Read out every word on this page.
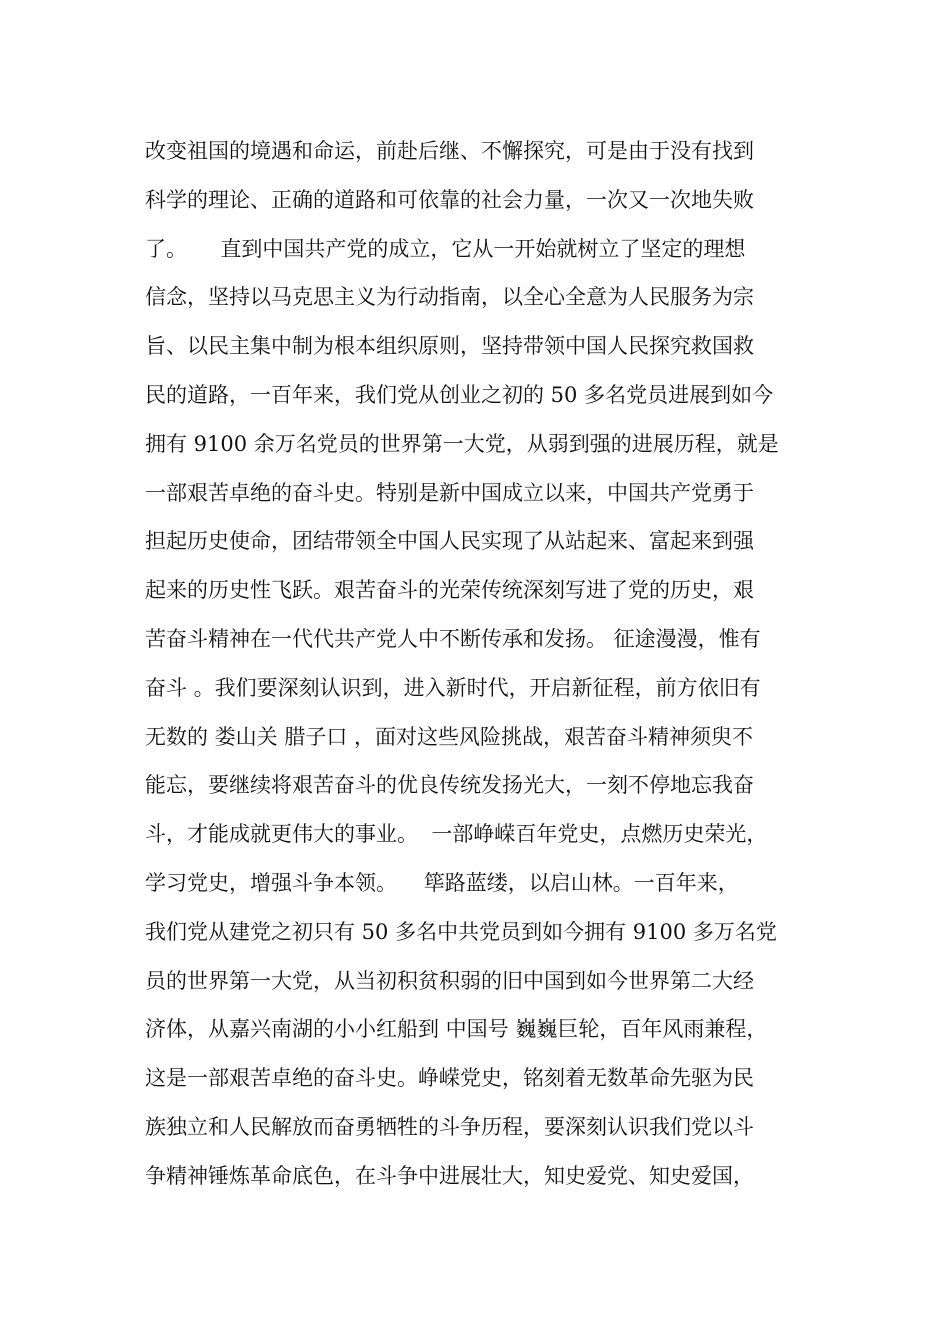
改变祖国的境遇和命运，前赴后继、不懈探究，可是由于没有找到
科学的理论、正确的道路和可依靠的社会力量，一次又一次地失败
了。     直到中国共产党的成立，它从一开始就树立了坚定的理想
信念，坚持以马克思主义为行动指南，以全心全意为人民服务为宗
旨、以民主集中制为根本组织原则，坚持带领中国人民探究救国救
民的道路，一百年来，我们党从创业之初的 50 多名党员进展到如今
拥有 9100 余万名党员的世界第一大党，从弱到强的进展历程，就是
一部艰苦卓绝的奋斗史。特别是新中国成立以来，中国共产党勇于
担起历史使命，团结带领全中国人民实现了从站起来、富起来到强
起来的历史性飞跃。艰苦奋斗的光荣传统深刻写进了党的历史，艰
苦奋斗精神在一代代共产党人中不断传承和发扬。 征途漫漫，惟有
奋斗 。我们要深刻认识到，进入新时代，开启新征程，前方依旧有
无数的 娄山关 腊子口 ，面对这些风险挑战，艰苦奋斗精神须臾不
能忘，要继续将艰苦奋斗的优良传统发扬光大，一刻不停地忘我奋
斗，才能成就更伟大的事业。  一部峥嵘百年党史，点燃历史荣光，
学习党史，增强斗争本领。    筚路蓝缕，以启山林。一百年来，
我们党从建党之初只有 50 多名中共党员到如今拥有 9100 多万名党
员的世界第一大党，从当初积贫积弱的旧中国到如今世界第二大经
济体，从嘉兴南湖的小小红船到 中国号 巍巍巨轮，百年风雨兼程，
这是一部艰苦卓绝的奋斗史。峥嵘党史，铭刻着无数革命先驱为民
族独立和人民解放而奋勇牺牲的斗争历程，要深刻认识我们党以斗
争精神锤炼革命底色，在斗争中进展壮大，知史爱党、知史爱国，
